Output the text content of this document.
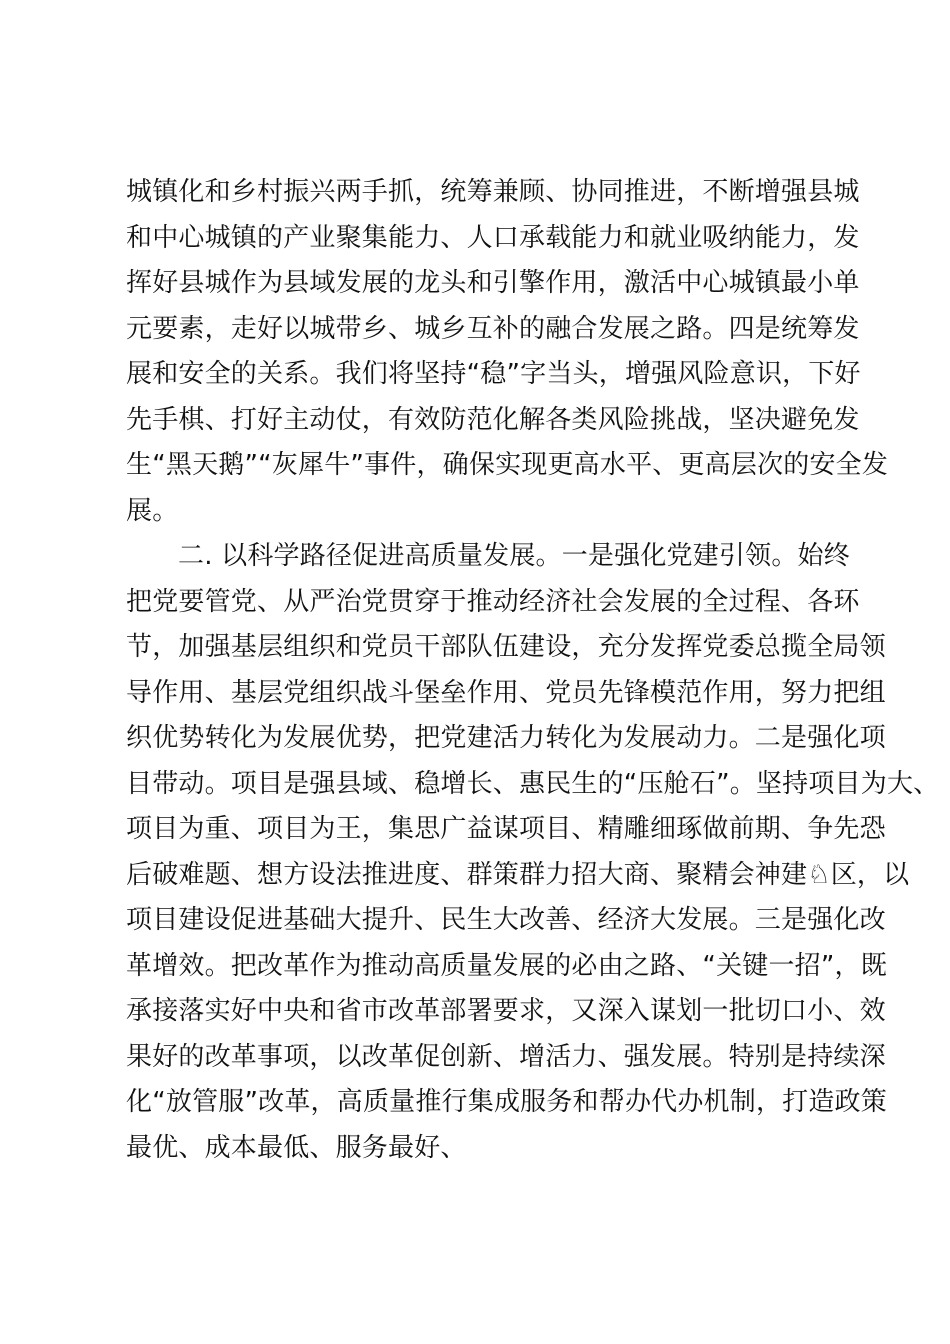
城镇化和乡村振兴两手抓，统筹兼顾、协同推进，不断增强县城
和中心城镇的产业聚集能力、人口承载能力和就业吸纳能力，发
挥好县城作为县域发展的龙头和引擎作用，激活中心城镇最小单
元要素，走好以城带乡、城乡互补的融合发展之路。四是统筹发
展和安全的关系。我们将坚持“稳”字当头，增强风险意识，下好
先手棋、打好主动仗，有效防范化解各类风险挑战，坚决避免发
生“黑天鹅”“灰犀牛”事件，确保实现更高水平、更高层次的安全发
展。
二. 以科学路径促进高质量发展。一是强化党建引领。始终
把党要管党、从严治党贯穿于推动经济社会发展的全过程、各环
节，加强基层组织和党员干部队伍建设，充分发挥党委总揽全局领
导作用、基层党组织战斗堡垒作用、党员先锋模范作用，努力把组
织优势转化为发展优势，把党建活力转化为发展动力。二是强化项
目带动。项目是强县域、稳增长、惠民生的“压舱石”。坚持项目为大、
项目为重、项目为王，集思广益谋项目、精雕细琢做前期、争先恐
后破难题、想方设法推进度、群策群力招大商、聚精会神建♘区，以
项目建设促进基础大提升、民生大改善、经济大发展。三是强化改
革增效。把改革作为推动高质量发展的必由之路、“关键一招”，既
承接落实好中央和省市改革部署要求，又深入谋划一批切口小、效
果好的改革事项，以改革促创新、增活力、强发展。特别是持续深
化“放管服”改革，高质量推行集成服务和帮办代办机制，打造政策
最优、成本最低、服务最好、
